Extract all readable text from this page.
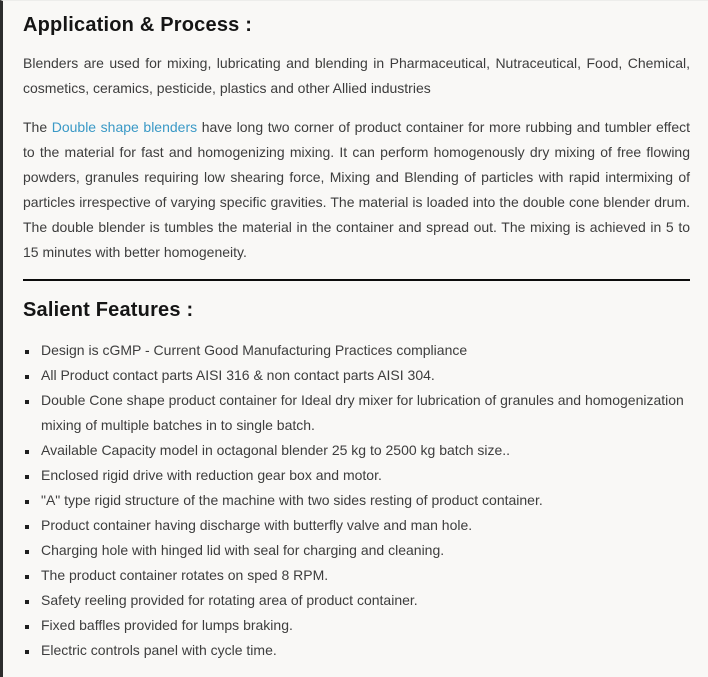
Application & Process :

Blenders are used for mixing, lubricating and blending in Pharmaceutical, Nutraceutical, Food, Chemical, cosmetics, ceramics, pesticide, plastics and other Allied industries

The Double shape blenders have long two corner of product container for more rubbing and tumbler effect to the material for fast and homogenizing mixing. It can perform homogenously dry mixing of free flowing powders, granules requiring low shearing force, Mixing and Blending of particles with rapid intermixing of particles irrespective of varying specific gravities. The material is loaded into the double cone blender drum. The double blender is tumbles the material in the container and spread out. The mixing is achieved in 5 to 15 minutes with better homogeneity.

Salient Features :
▪ Design is cGMP - Current Good Manufacturing Practices compliance
▪ All Product contact parts AISI 316 & non contact parts AISI 304.
▪ Double Cone shape product container for Ideal dry mixer for lubrication of granules and homogenization mixing of multiple batches in to single batch.
▪ Available Capacity model in octagonal blender 25 kg to 2500 kg batch size..
▪ Enclosed rigid drive with reduction gear box and motor.
▪ "A" type rigid structure of the machine with two sides resting of product container.
▪ Product container having discharge with butterfly valve and man hole.
▪ Charging hole with hinged lid with seal for charging and cleaning.
▪ The product container rotates on sped 8 RPM.
▪ Safety reeling provided for rotating area of product container.
▪ Fixed baffles provided for lumps braking.
▪ Electric controls panel with cycle time.
